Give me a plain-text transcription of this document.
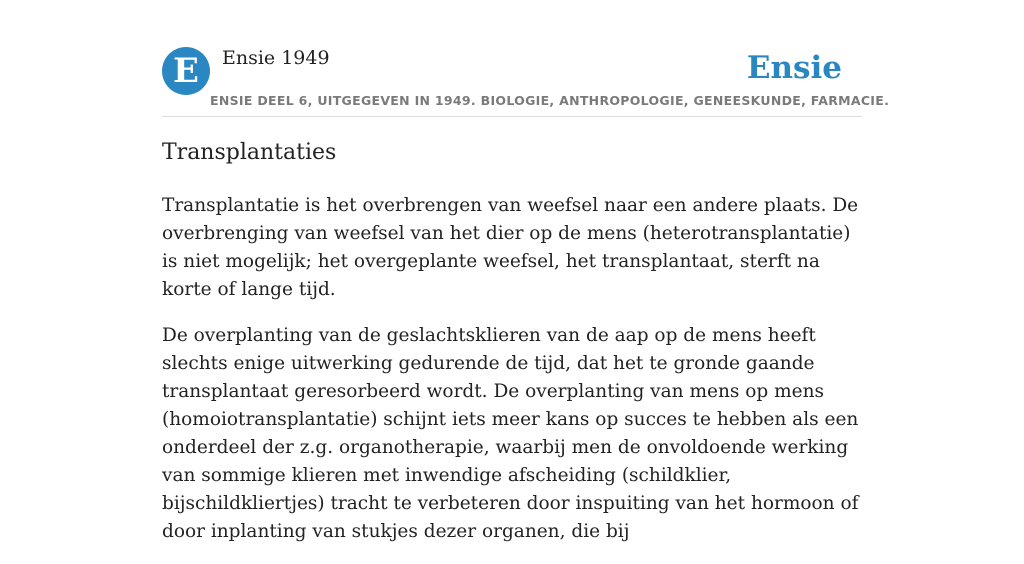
E	Ensie 1949	Ensie
ENSIE DEEL 6, UITGEGEVEN IN 1949. BIOLOGIE, ANTHROPOLOGIE, GENEESKUNDE, FARMACIE.
Transplantaties

Transplantatie is het overbrengen van weefsel naar een andere plaats. De overbrenging van weefsel van het dier op de mens (heterotransplantatie) is niet mogelijk; het overgeplante weefsel, het transplantaat, sterft na korte of lange tijd.

De overplanting van de geslachtsklieren van de aap op de mens heeft slechts enige uitwerking gedurende de tijd, dat het te gronde gaande transplantaat geresorbeerd wordt. De overplanting van mens op mens (homoiotransplantatie) schijnt iets meer kans op succes te hebben als een onderdeel der z.g. organotherapie, waarbij men de onvoldoende werking van sommige klieren met inwendige afscheiding (schildklier, bijschildkliertjes) tracht te verbeteren door inspuiting van het hormoon of door inplanting van stukjes dezer organen, die bij
